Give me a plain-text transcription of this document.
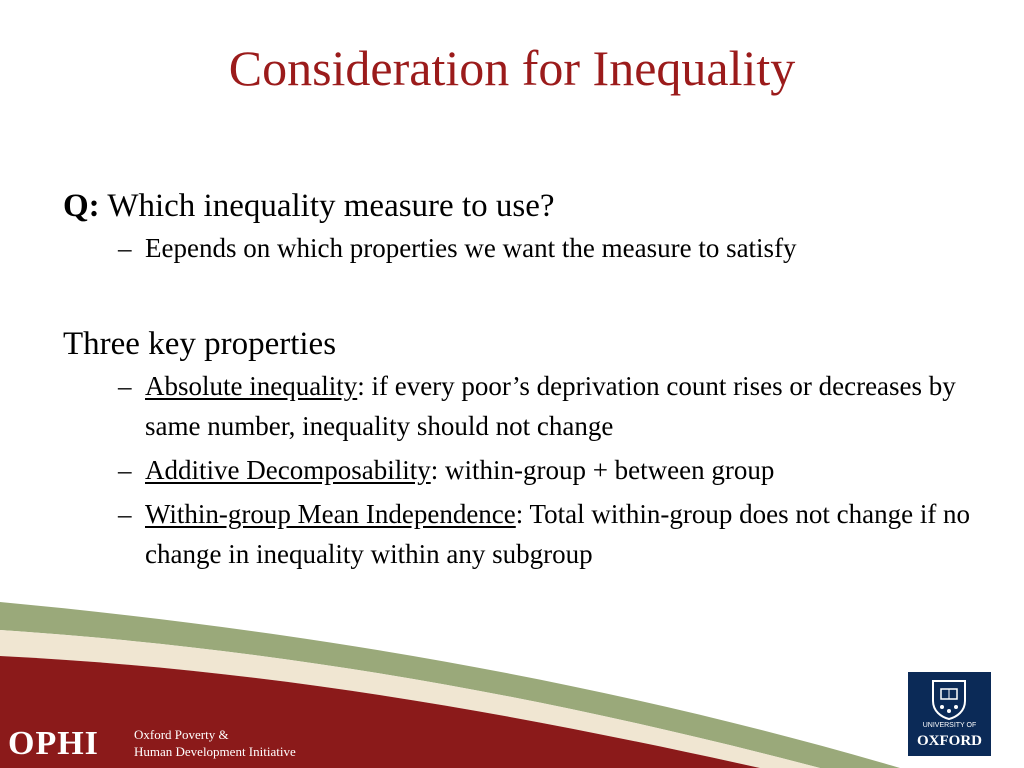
Consideration for Inequality
Q: Which inequality measure to use?
– Eepends on which properties we want the measure to satisfy
Three key properties
– Absolute inequality: if every poor’s deprivation count rises or decreases by same number, inequality should not change
– Additive Decomposability: within-group + between group
– Within-group Mean Independence: Total within-group does not change if no change in inequality within any subgroup
OPHI	Oxford Poverty &
Human Development Initiative
UNIVERSITY OF
OXFORD
